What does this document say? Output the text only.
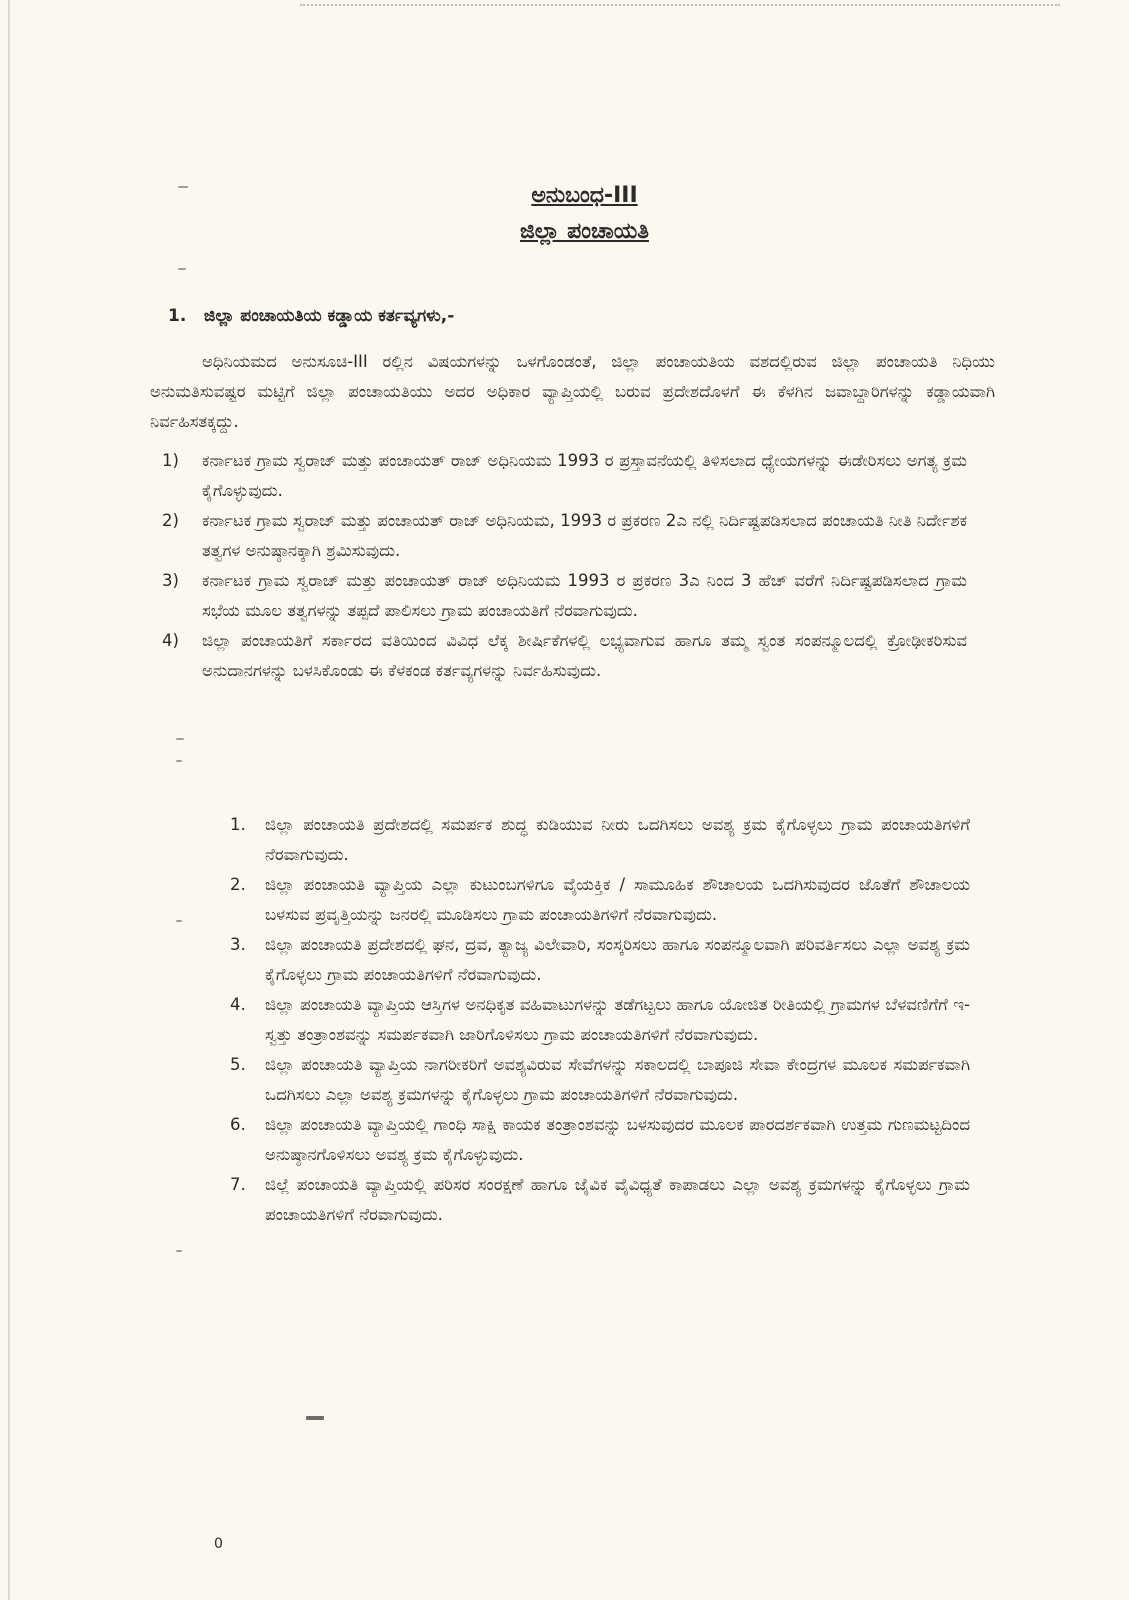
ಅನುಬಂಧ-III
ಜಿಲ್ಲಾ ಪಂಚಾಯತಿ
1. ಜಿಲ್ಲಾ ಪಂಚಾಯತಿಯ ಕಡ್ಡಾಯ ಕರ್ತವ್ಯಗಳು,-
ಅಧಿನಿಯಮದ ಅನುಸೂಚಿ-III ರಲ್ಲಿನ ವಿಷಯಗಳನ್ನು ಒಳಗೊಂಡಂತೆ, ಜಿಲ್ಲಾ ಪಂಚಾಯತಿಯ ವಶದಲ್ಲಿರುವ ಜಿಲ್ಲಾ ಪಂಚಾಯತಿ ನಿಧಿಯು ಅನುಮತಿಸುವಷ್ಟರ ಮಟ್ಟಿಗೆ ಜಿಲ್ಲಾ ಪಂಚಾಯತಿಯು ಅದರ ಅಧಿಕಾರ ವ್ಯಾಪ್ತಿಯಲ್ಲಿ ಬರುವ ಪ್ರದೇಶದೊಳಗೆ ಈ ಕೆಳಗಿನ ಜವಾಬ್ದಾರಿಗಳನ್ನು ಕಡ್ಡಾಯವಾಗಿ ನಿರ್ವಹಿಸತಕ್ಕದ್ದು.
1) ಕರ್ನಾಟಕ ಗ್ರಾಮ ಸ್ವರಾಜ್ ಮತ್ತು ಪಂಚಾಯತ್ ರಾಜ್ ಅಧಿನಿಯಮ 1993 ರ ಪ್ರಸ್ತಾವನೆಯಲ್ಲಿ ತಿಳಿಸಲಾದ ಧ್ಯೇಯಗಳನ್ನು ಈಡೇರಿಸಲು ಅಗತ್ಯ ಕ್ರಮ ಕೈಗೊಳ್ಳುವುದು.
2) ಕರ್ನಾಟಕ ಗ್ರಾಮ ಸ್ವರಾಜ್ ಮತ್ತು ಪಂಚಾಯತ್ ರಾಜ್ ಅಧಿನಿಯಮ, 1993 ರ ಪ್ರಕರಣ 2ಎ ನಲ್ಲಿ ನಿರ್ದಿಷ್ಟಪಡಿಸಲಾದ ಪಂಚಾಯತಿ ನೀತಿ ನಿರ್ದೇಶಕ ತತ್ವಗಳ ಅನುಷ್ಠಾನಕ್ಕಾಗಿ ಶ್ರಮಿಸುವುದು.
3) ಕರ್ನಾಟಕ ಗ್ರಾಮ ಸ್ವರಾಜ್ ಮತ್ತು ಪಂಚಾಯತ್ ರಾಜ್ ಅಧಿನಿಯಮ 1993 ರ ಪ್ರಕರಣ 3ಎ ನಿಂದ 3 ಹೆಚ್ ವರೆಗೆ ನಿರ್ದಿಷ್ಟಪಡಿಸಲಾದ ಗ್ರಾಮ ಸಭೆಯ ಮೂಲ ತತ್ವಗಳನ್ನು ತಪ್ಪದೆ ಪಾಲಿಸಲು ಗ್ರಾಮ ಪಂಚಾಯತಿಗೆ ನೆರವಾಗುವುದು.
4) ಜಿಲ್ಲಾ ಪಂಚಾಯತಿಗೆ ಸರ್ಕಾರದ ವತಿಯಿಂದ ವಿವಿಧ ಲೆಕ್ಕ ಶೀರ್ಷಿಕೆಗಳಲ್ಲಿ ಲಭ್ಯವಾಗುವ ಹಾಗೂ ತಮ್ಮ ಸ್ವಂತ ಸಂಪನ್ಮೂಲದಲ್ಲಿ ಕ್ರೋಢೀಕರಿಸುವ ಅನುದಾನಗಳನ್ನು ಬಳಸಿಕೊಂಡು ಈ ಕೆಳಕಂಡ ಕರ್ತವ್ಯಗಳನ್ನು ನಿರ್ವಹಿಸುವುದು.
1. ಜಿಲ್ಲಾ ಪಂಚಾಯತಿ ಪ್ರದೇಶದಲ್ಲಿ ಸಮರ್ಪಕ ಶುದ್ಧ ಕುಡಿಯುವ ನೀರು ಒದಗಿಸಲು ಅವಶ್ಯ ಕ್ರಮ ಕೈಗೊಳ್ಳಲು ಗ್ರಾಮ ಪಂಚಾಯತಿಗಳಿಗೆ ನೆರವಾಗುವುದು.
2. ಜಿಲ್ಲಾ ಪಂಚಾಯತಿ ವ್ಯಾಪ್ತಿಯ ಎಲ್ಲಾ ಕುಟುಂಬಗಳಿಗೂ ವೈಯಕ್ತಿಕ / ಸಾಮೂಹಿಕ ಶೌಚಾಲಯ ಒದಗಿಸುವುದರ ಜೊತೆಗೆ ಶೌಚಾಲಯ ಬಳಸುವ ಪ್ರವೃತ್ತಿಯನ್ನು ಜನರಲ್ಲಿ ಮೂಡಿಸಲು ಗ್ರಾಮ ಪಂಚಾಯತಿಗಳಿಗೆ ನೆರವಾಗುವುದು.
3. ಜಿಲ್ಲಾ ಪಂಚಾಯತಿ ಪ್ರದೇಶದಲ್ಲಿ ಘನ, ದ್ರವ, ತ್ಯಾಜ್ಯ ವಿಲೇವಾರಿ, ಸಂಸ್ಕರಿಸಲು ಹಾಗೂ ಸಂಪನ್ಮೂಲವಾಗಿ ಪರಿವರ್ತಿಸಲು ಎಲ್ಲಾ ಅವಶ್ಯ ಕ್ರಮ ಕೈಗೊಳ್ಳಲು ಗ್ರಾಮ ಪಂಚಾಯತಿಗಳಿಗೆ ನೆರವಾಗುವುದು.
4. ಜಿಲ್ಲಾ ಪಂಚಾಯತಿ ವ್ಯಾಪ್ತಿಯ ಆಸ್ತಿಗಳ ಅನಧಿಕೃತ ವಹಿವಾಟುಗಳನ್ನು ತಡೆಗಟ್ಟಲು ಹಾಗೂ ಯೋಜಿತ ರೀತಿಯಲ್ಲಿ ಗ್ರಾಮಗಳ ಬೆಳವಣಿಗೆಗೆ ಇ-ಸ್ವತ್ತು ತಂತ್ರಾಂಶವನ್ನು ಸಮರ್ಪಕವಾಗಿ ಜಾರಿಗೊಳಿಸಲು ಗ್ರಾಮ ಪಂಚಾಯತಿಗಳಿಗೆ ನೆರವಾಗುವುದು.
5. ಜಿಲ್ಲಾ ಪಂಚಾಯತಿ ವ್ಯಾಪ್ತಿಯ ನಾಗರೀಕರಿಗೆ ಅವಶ್ಯವಿರುವ ಸೇವೆಗಳನ್ನು ಸಕಾಲದಲ್ಲಿ ಬಾಪೂಜಿ ಸೇವಾ ಕೇಂದ್ರಗಳ ಮೂಲಕ ಸಮರ್ಪಕವಾಗಿ ಒದಗಿಸಲು ಎಲ್ಲಾ ಅವಶ್ಯ ಕ್ರಮಗಳನ್ನು ಕೈಗೊಳ್ಳಲು ಗ್ರಾಮ ಪಂಚಾಯತಿಗಳಿಗೆ ನೆರವಾಗುವುದು.
6. ಜಿಲ್ಲಾ ಪಂಚಾಯತಿ ವ್ಯಾಪ್ತಿಯಲ್ಲಿ ಗಾಂಧಿ ಸಾಕ್ಷಿ ಕಾಯಕ ತಂತ್ರಾಂಶವನ್ನು ಬಳಸುವುದರ ಮೂಲಕ ಪಾರದರ್ಶಕವಾಗಿ ಉತ್ತಮ ಗುಣಮಟ್ಟದಿಂದ ಅನುಷ್ಠಾನಗೊಳಿಸಲು ಅವಶ್ಯ ಕ್ರಮ ಕೈಗೊಳ್ಳುವುದು.
7. ಜಿಲ್ಲೆ ಪಂಚಾಯತಿ ವ್ಯಾಪ್ತಿಯಲ್ಲಿ ಪರಿಸರ ಸಂರಕ್ಷಣೆ ಹಾಗೂ ಜೈವಿಕ ವೈವಿಧ್ಯತೆ ಕಾಪಾಡಲು ಎಲ್ಲಾ ಅವಶ್ಯ ಕ್ರಮಗಳನ್ನು ಕೈಗೊಳ್ಳಲು ಗ್ರಾಮ ಪಂಚಾಯತಿಗಳಿಗೆ ನೆರವಾಗುವುದು.
0
